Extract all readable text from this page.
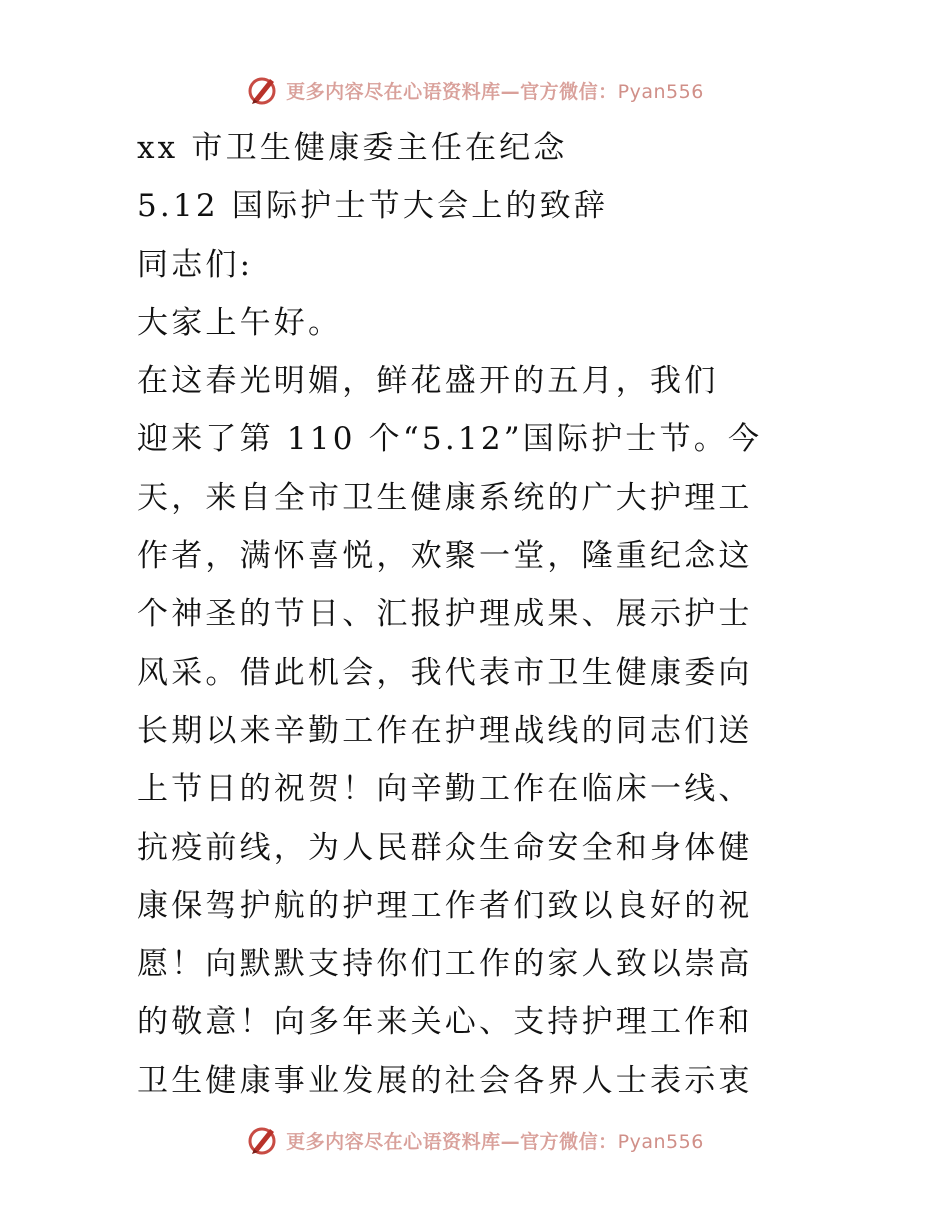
更多内容尽在心语资料库—官方微信：Pyan556
xx 市卫生健康委主任在纪念
5.12 国际护士节大会上的致辞
同志们:
大家上午好。
在这春光明媚，鲜花盛开的五月，我们
迎来了第 110 个“5.12”国际护士节。今
天，来自全市卫生健康系统的广大护理工
作者，满怀喜悦，欢聚一堂，隆重纪念这
个神圣的节日、汇报护理成果、展示护士
风采。借此机会，我代表市卫生健康委向
长期以来辛勤工作在护理战线的同志们送
上节日的祝贺！向辛勤工作在临床一线、
抗疫前线，为人民群众生命安全和身体健
康保驾护航的护理工作者们致以良好的祝
愿！向默默支持你们工作的家人致以崇高
的敬意！向多年来关心、支持护理工作和
卫生健康事业发展的社会各界人士表示衷
更多内容尽在心语资料库—官方微信：Pyan556
